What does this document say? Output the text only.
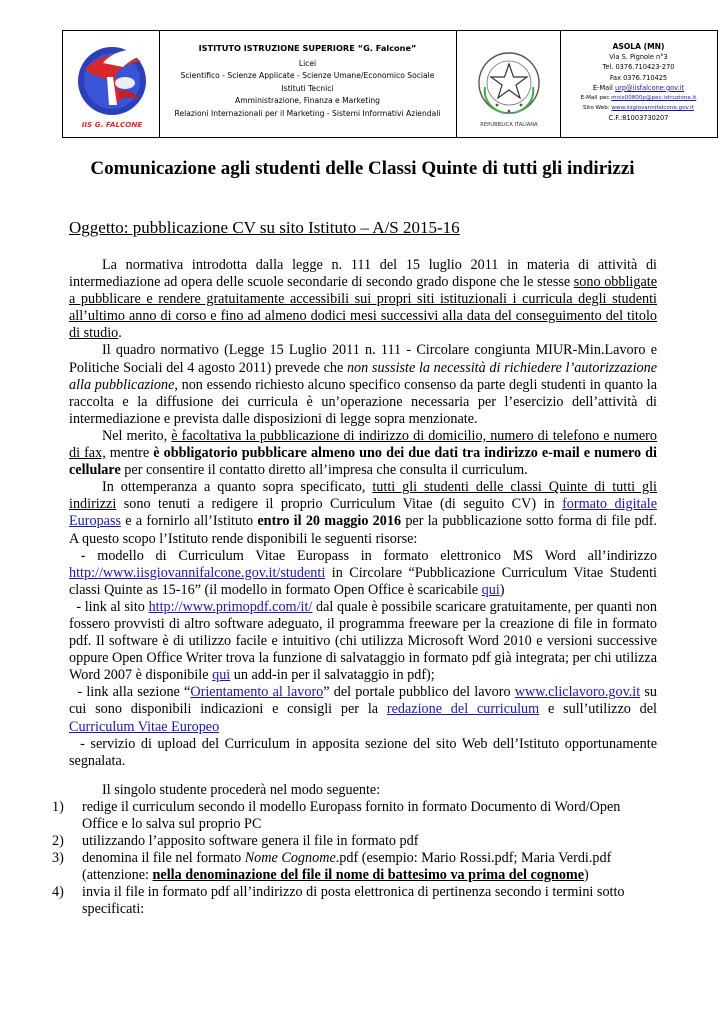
IIS G. FALCONE
ISTITUTO ISTRUZIONE SUPERIORE “G. Falcone”
Licei
Scientifico - Scienze Applicate - Scienze Umane/Economico Sociale
Istituti Tecnici
Amministrazione, Finanza e Marketing
Relazioni Internazionali per il Marketing - Sistemi Informativi Aziendali
REPUBBLICA ITALIANA
ASOLA (MN)
Via S. Pignole n°3
Tel. 0376.710423-270
Fax 0376.710425
E-Mail urp@iisfalcone.gov.it
E-Mail pec mnis00800p@pec.istruzione.it
Sito Web: www.iisgiovannifalcone.gov.it
C.F.:81003730207
Comunicazione agli studenti delle Classi Quinte di tutti gli indirizzi
Oggetto: pubblicazione CV su sito Istituto – A/S 2015-16

La normativa introdotta dalla legge n. 111 del 15 luglio 2011 in materia di attività di intermediazione ad opera delle scuole secondarie di secondo grado dispone che le stesse sono obbligate a pubblicare e rendere gratuitamente accessibili sui propri siti istituzionali i curricula degli studenti all’ultimo anno di corso e fino ad almeno dodici mesi successivi alla data del conseguimento del titolo di studio.

Il quadro normativo (Legge 15 Luglio 2011 n. 111 - Circolare congiunta MIUR-Min.Lavoro e Politiche Sociali del 4 agosto 2011) prevede che non sussiste la necessità di richiedere l’autorizzazione alla pubblicazione, non essendo richiesto alcuno specifico consenso da parte degli studenti in quanto la raccolta e la diffusione dei curricula è un’operazione necessaria per l’esercizio dell’attività di intermediazione e prevista dalle disposizioni di legge sopra menzionate.

Nel merito, è facoltativa la pubblicazione di indirizzo di domicilio, numero di telefono e numero di fax, mentre è obbligatorio pubblicare almeno uno dei due dati tra indirizzo e-mail e numero di cellulare per consentire il contatto diretto all’impresa che consulta il curriculum.

In ottemperanza a quanto sopra specificato, tutti gli studenti delle classi Quinte di tutti gli indirizzi sono tenuti a redigere il proprio Curriculum Vitae (di seguito CV) in formato digitale Europass e a fornirlo all’Istituto entro il 20 maggio 2016 per la pubblicazione sotto forma di file pdf. A questo scopo l’Istituto rende disponibili le seguenti risorse:

- modello di Curriculum Vitae Europass in formato elettronico MS Word all’indirizzo http://www.iisgiovannifalcone.gov.it/studenti in Circolare “Pubblicazione Curriculum Vitae Studenti classi Quinte as 15-16” (il modello in formato Open Office è scaricabile qui)

- link al sito http://www.primopdf.com/it/ dal quale è possibile scaricare gratuitamente, per quanti non fossero provvisti di altro software adeguato, il programma freeware per la creazione di file in formato pdf. Il software è di utilizzo facile e intuitivo (chi utilizza Microsoft Word 2010 e versioni successive oppure Open Office Writer trova la funzione di salvataggio in formato pdf già integrata; per chi utilizza Word 2007 è disponibile qui un add-in per il salvataggio in pdf);

- link alla sezione “Orientamento al lavoro” del portale pubblico del lavoro www.cliclavoro.gov.it su cui sono disponibili indicazioni e consigli per la redazione del curriculum e sull’utilizzo del Curriculum Vitae Europeo

- servizio di upload del Curriculum in apposita sezione del sito Web dell’Istituto opportunamente segnalata.

Il singolo studente procederà nel modo seguente:

1) redige il curriculum secondo il modello Europass fornito in formato Documento di Word/Open Office e lo salva sul proprio PC
2) utilizzando l’apposito software genera il file in formato pdf
3) denomina il file nel formato Nome Cognome.pdf (esempio: Mario Rossi.pdf; Maria Verdi.pdf (attenzione: nella denominazione del file il nome di battesimo va prima del cognome)
4) invia il file in formato pdf all’indirizzo di posta elettronica di pertinenza secondo i termini sotto specificati:
